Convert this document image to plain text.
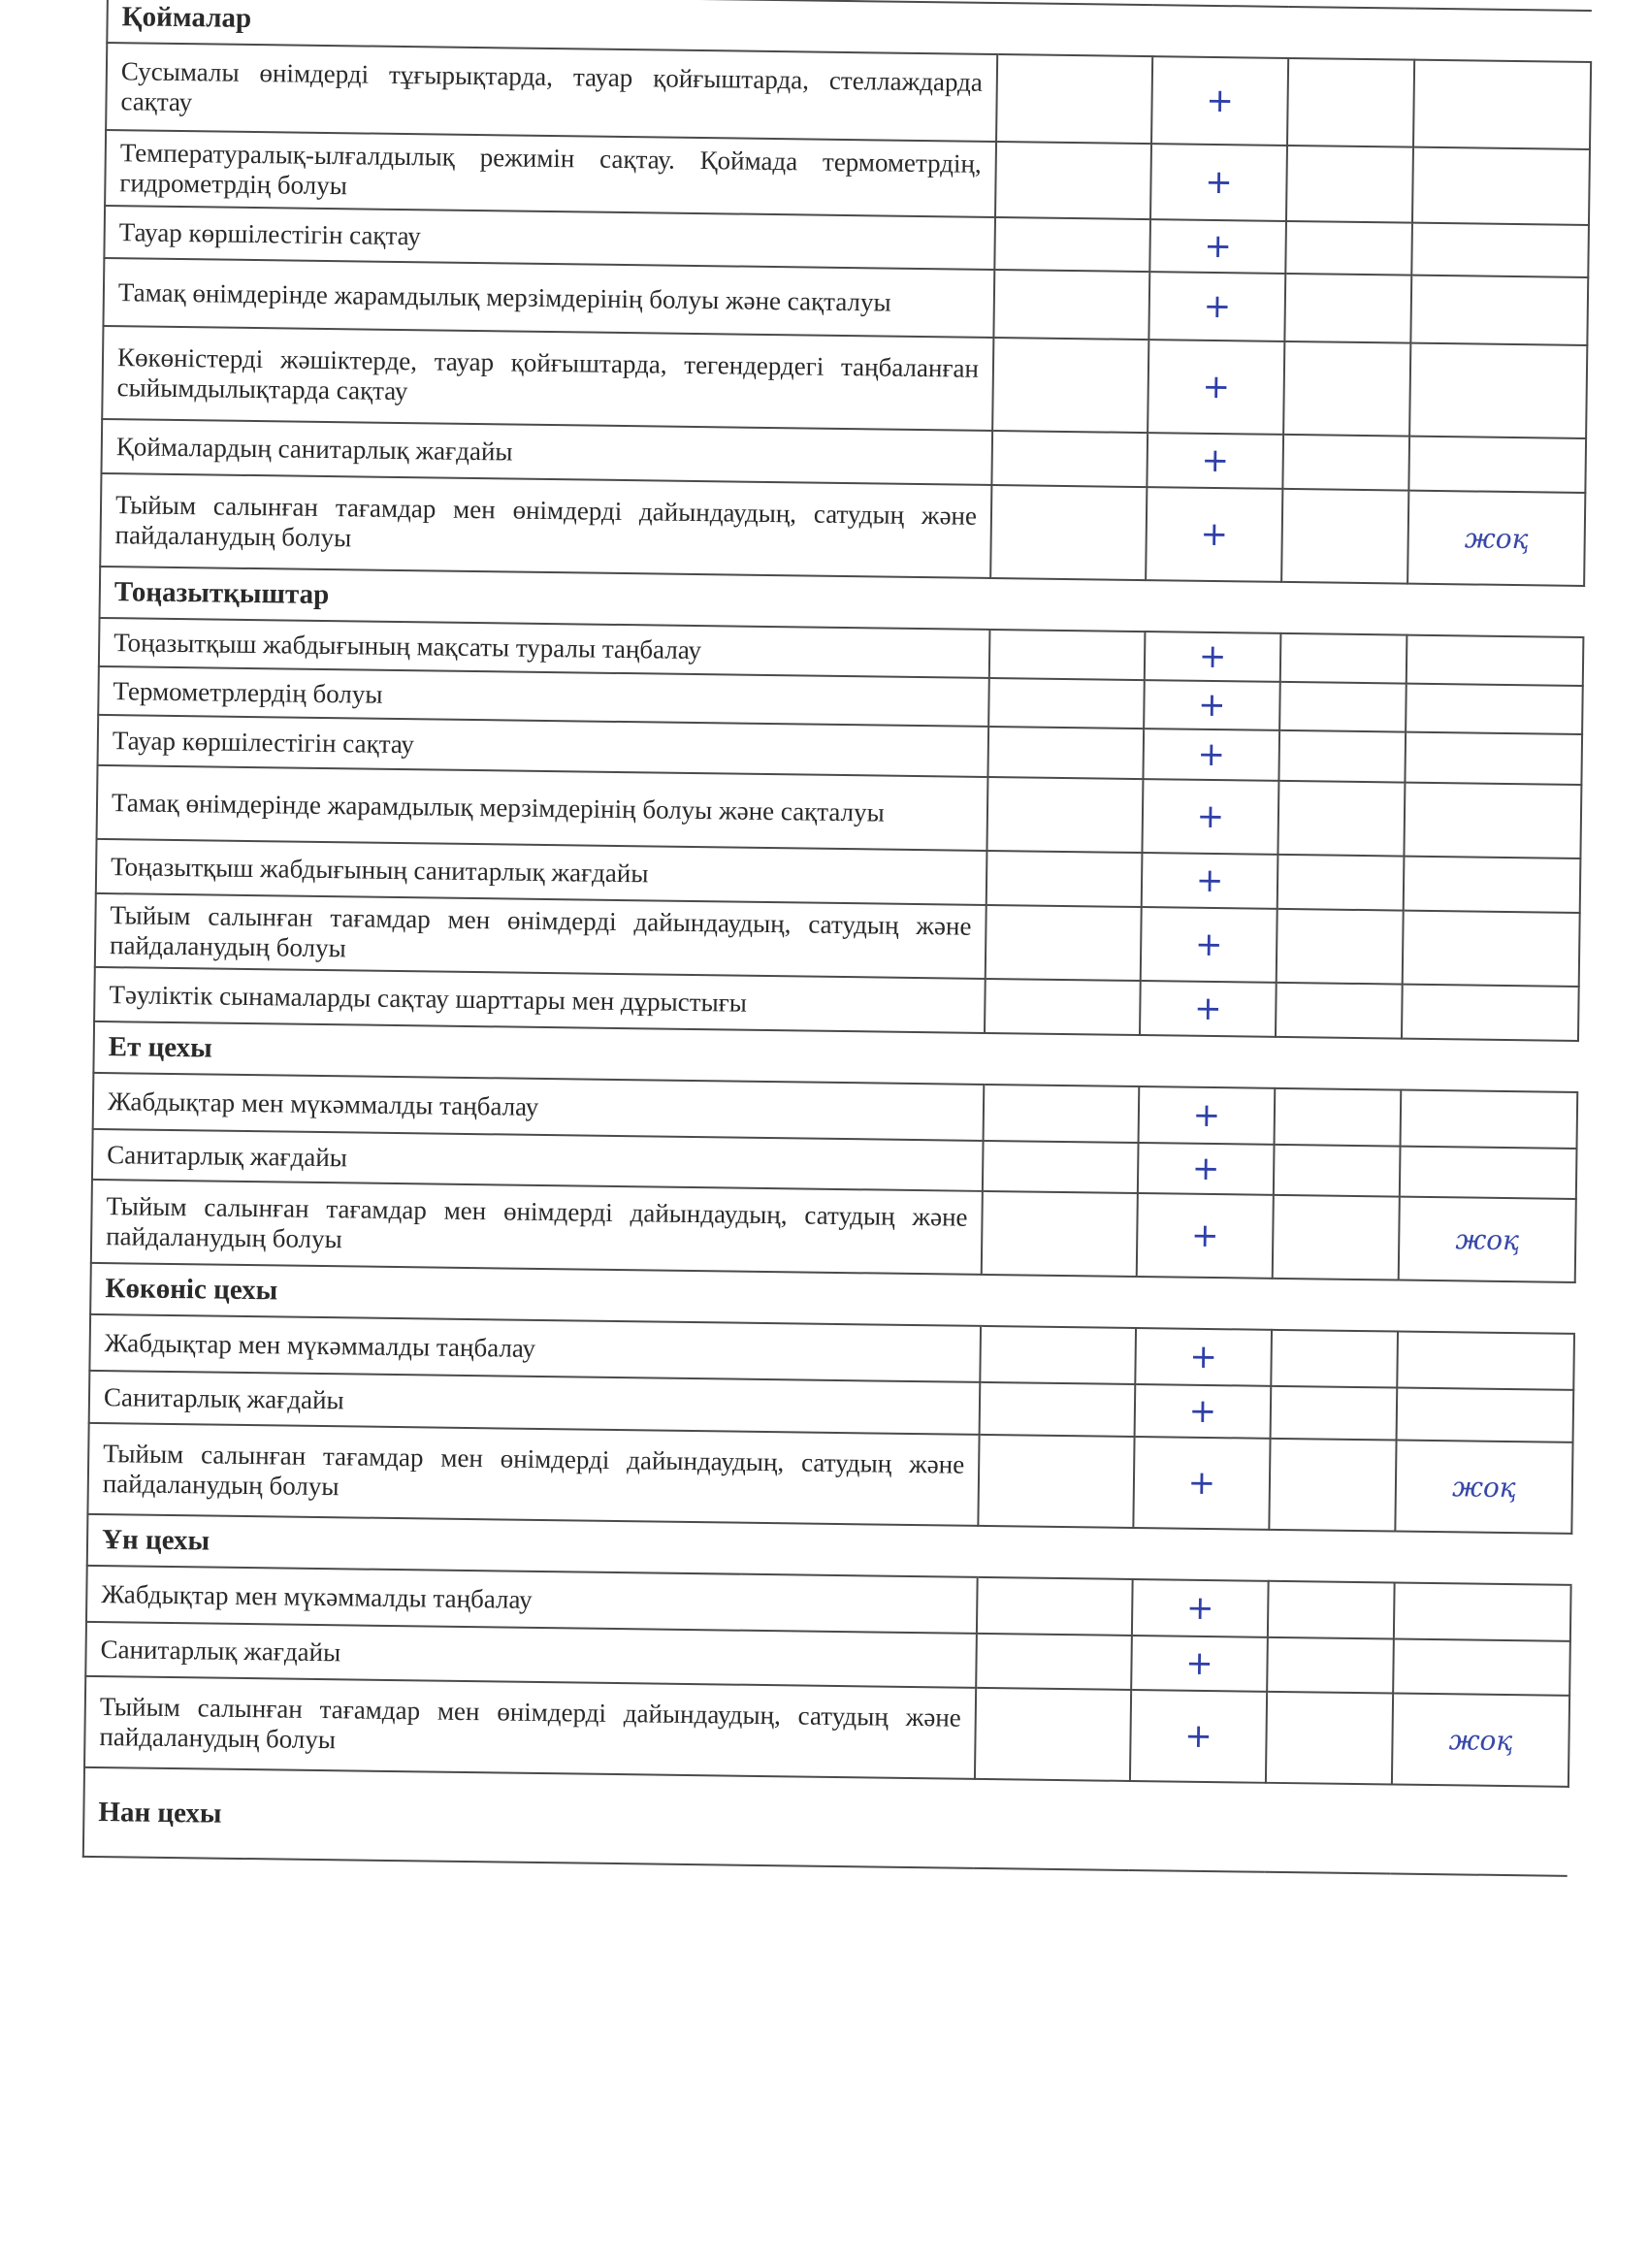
Қоймалар				
Сусымалы өнімдерді тұғырықтарда, тауар қойғыштарда, стеллаждарда сақтау		+		
Температуралық-ылғалдылық режимін сақтау. Қоймада термометрдің, гидрометрдің болуы		+		
Тауар көршілестігін сақтау		+		
Тамақ өнімдерінде жарамдылық мерзімдерінің болуы және сақталуы		+		
Көкөністерді жәшіктерде, тауар қойғыштарда, тегендердегі таңбаланған сыйымдылықтарда сақтау		+		
Қоймалардың санитарлық жағдайы		+		
Тыйым салынған тағамдар мен өнімдерді дайындаудың, сатудың және пайдаланудың болуы		+		жоқ
Тоңазытқыштар				
Тоңазытқыш жабдығының мақсаты туралы таңбалау		+		
Термометрлердің болуы		+		
Тауар көршілестігін сақтау		+		
Тамақ өнімдерінде жарамдылық мерзімдерінің болуы және сақталуы		+		
Тоңазытқыш жабдығының санитарлық жағдайы		+		
Тыйым салынған тағамдар мен өнімдерді дайындаудың, сатудың және пайдаланудың болуы		+		
Тәуліктік сынамаларды сақтау шарттары мен дұрыстығы		+		
Ет цехы				
Жабдықтар мен мүкәммалды таңбалау		+		
Санитарлық жағдайы		+		
Тыйым салынған тағамдар мен өнімдерді дайындаудың, сатудың және пайдаланудың болуы		+		жоқ
Көкөніс цехы				
Жабдықтар мен мүкәммалды таңбалау		+		
Санитарлық жағдайы		+		
Тыйым салынған тағамдар мен өнімдерді дайындаудың, сатудың және пайдаланудың болуы		+		жоқ
Ұн цехы				
Жабдықтар мен мүкәммалды таңбалау		+		
Санитарлық жағдайы		+		
Тыйым салынған тағамдар мен өнімдерді дайындаудың, сатудың және пайдаланудың болуы		+		жоқ
Нан цехы				
